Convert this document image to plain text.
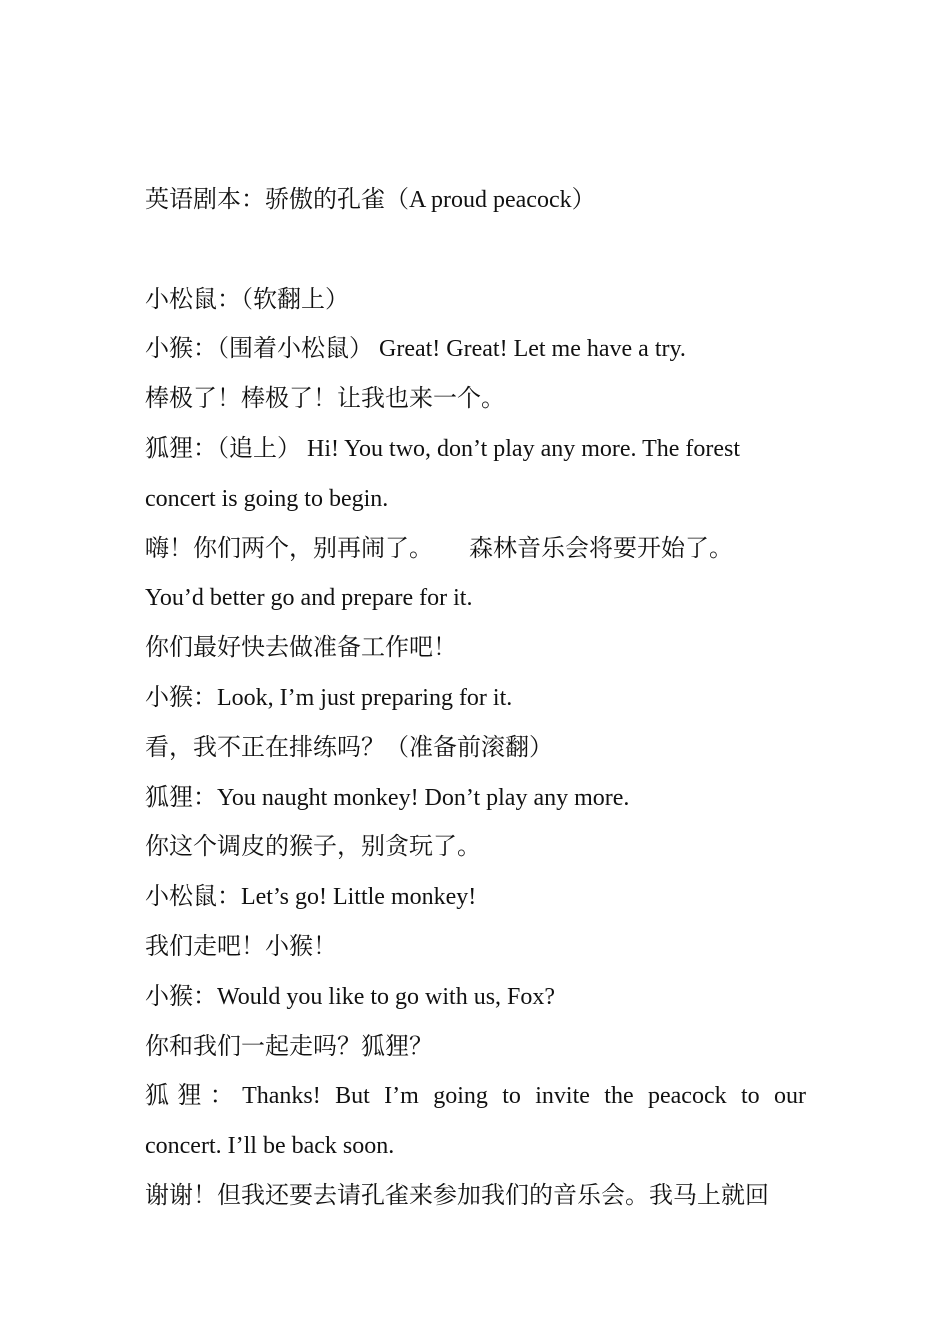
英语剧本：骄傲的孔雀（A proud peacock）
小松鼠：（软翻上）
小猴：（围着小松鼠） Great! Great! Let me have a try.
棒极了！棒极了！让我也来一个。
狐狸：（追上） Hi! You two, don’t play any more. The forest
concert is going to begin.
嗨！你们两个，别再闹了。 森林音乐会将要开始了。
You’d better go and prepare for it.
你们最好快去做准备工作吧！
小猴：Look, I’m just preparing for it.
看，我不正在排练吗？（准备前滚翻）
狐狸：You naught monkey! Don’t play any more.
你这个调皮的猴子，别贪玩了。
小松鼠：Let’s go! Little monkey!
我们走吧！小猴！
小猴：Would you like to go with us, Fox?
你和我们一起走吗？狐狸？
狐狸：Thanks! But I’m going to invite the peacock to our
concert. I’ll be back soon.
谢谢！但我还要去请孔雀来参加我们的音乐会。我马上就回
